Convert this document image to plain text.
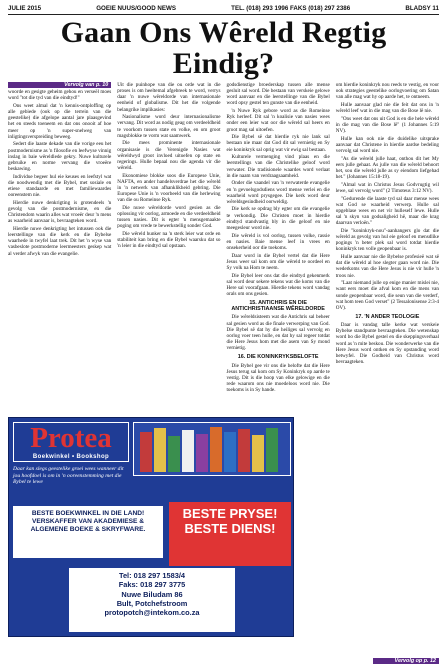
JULIE 2015	GOEIE NUUS/GOOD NEWS	TEL. (018) 293 1996 FAKS (018) 297 2386	BLADSY 11
Gaan Ons Wêreld Regtig Eindig?
Vervolg van p. 10

woorde en gesigte geheim gehou en verseël moes word "tot die tyd van die eindtyd!"

Ons weet almal dat 'n kennis-ontploffing op alle gebiede (ook op die terrein van die geestelike) die afgelope aantal jare plaasgevind het en steeds toeneem en dat ons onooit af hoe meer op 'n super-snelweg van inligtingsverspreiding beweeg.

Sedert die laaste dekade van die vorige eeu het postmodernisme as 'n filosofie en leefwyse vinnig inslag in baie wêreldlede gekry. Nuwe kulturele gebruike en norme vervang die vroeëre beskawing.

Individue begeer hul eie keuses en leefstyl wat die noodwendig met die Bybel, met sosiale en etiese standaarde en met familiewaardes ooreenstem nie.

Hierdie nuwe denkrigting is grotendeels 'n gevolg van die postmodernisme, en die Christendom waarin alles wat vroeër deur 'n mens as waarheid aanvaar is, bevraagteken word.

Hierdie nuwe denkrigting het intussen ook die leerstellinge van die kerk en die Bybelse waarhede in twyfel laat trek. Dit het 'n wyse van vasbeslote postmoderne leermeesters geskep wat al verder afwyk van die evangelie.

Uit die puinhope van die ou orde wat in die proses is om heeltemal afgebreek te word, verrys daar 'n nuwe wêreldorde van internasionale eenheid of globalisme. Dit het die volgende belangrike implikasies:

Nasionalisme word deur internasionalisme vervang. Dit word as nodig geag om verdeeldheid te voorkom tussen state en volke, en om groot magsblokke te vorm wat saamwerk.

Die mees prominente internasionale organisasie is die Verenigde Nasies wat wêreldwyd groot invloed uitoefen op state en regerings. Hulle bepaal nou die agenda vir die wêreld.

Ekonomiese blokke soos die Europese Unie, NAFTA, en ander handelsverdrae het die wêreld in 'n netwerk van afhanklikheid gebring. Die Europese Unie is 'n voorbeeld van die herlewing van die ou Romeinse Ryk.

Die nuwe wêreldorde word gesien as die oplossing vir oorlog, armoede en die verdeeldheid tussen nasies. Dit is egter 'n mensgemaakte poging om vrede te bewerkstellig sonder God.

Die wêreld hunker na 'n sterk leier wat orde en stabiliteit kan bring en die Bybel waarsku dat so 'n leier in die eindtyd sal opstaan.

godsdienstige broederskap tussen alle mense gesluit sal word. Die bestaan van verskeie gelowe word aanvaar en die leerstellinge van die Bybel word opsy gestel ten gunste van die eenheid.

'n Nuwe Ryk gebore word as die Romeinse Ryk herleef. Dit sal 'n koalisie van nasies wees onder een leier wat oor die wêreld sal heers en groot mag sal uitoefen.

Die Bybel sê dat hierdie ryk nie lank sal bestaan nie maar dat God dit sal vernietig en Sy eie koninkryk sal oprig wat vir ewig sal bestaan.

Kulturele vermenging vind plaas en die leerstellings van die Christelike geloof word verwater. Die tradisionele waardes word verlaat in die naam van verdraagsaamheid.

Onder die vaandel van 'n verwaterde evangelie en 'n gevoelsgodsdiens word mense verlei en die waarheid word prysgegee. Die kerk word deur wêreldsgesindheid oorweldig.

Die kerk se opdrag bly egter om die evangelie te verkondig. Die Christen moet in hierdie eindtyd standvastig bly in die geloof en nie meegesleur word nie.

Die wêreld is vol oorlog, tussen volke, rassie en nasies. Baie mense leef in vrees en onsekerheid oor die toekoms.

Daar word in die Bybel vertel dat die Here Jesus weer sal kom om die wêreld te oordeel en Sy volk na Hom te neem.

Die Bybel leer ons dat die eindtyd gekenmerk sal word deur sekere tekens wat die koms van die Here sal voorafgaan. Hierdie tekens word vandag orals om ons gesien.

15. ANTICHRIS EN DIE ANTICHRISTIAANSE WÊRELDORDE

Die wêreldsisteem wat die Antichris sal beheer sal gesien word as die finale verwerping van God. Die Bybel sê dat hy die heiliges sal vervolg en oorlog voer teen hulle, en dat hy sal regeer totdat die Here Jesus hom met die asem van Sy mond vernietig.

16. DIE KONINKRYKSBELOFTE

Die Bybel gee vir ons die belofte dat die Here Jesus terug sal kom om Sy Koninkryk op aarde te vestig. Dit is die hoop van elke gelowige en die rede waarom ons nie moedeloos word nie. Die toekoms is in Sy hande.

om hierdie koninkryk nou reeds te vestig, en voor ook strategies geestelike oorlogvoering om Satan van alle mag wat hy op aarde het, te ontneem.

Hulle aanvaar glad nie die feit dat ons in 'n wêreld leef wat in die mag van die Bose lê nie.

"Ons weet dat ons uit God is en die hele wêreld in die mag van die Bose lê" (1 Johannes 5:19 NV).

Hulle kan ook nie die duidelike uitsprake aanvaar dat Christene in hierdie aardse bedeling vervolg sal word nie.

"As die wêreld julle haat, onthou dit het My eers julle gehaat. As julle van die wêreld behoort het, sou die wêreld julle as sy eiendom liefgehad het." (Johannes 15:18-19).

"Almal wat in Christus Jesus Godvrugtig wil lewe, sal vervolg word" (2 Timoteus 3:12 NV).

"Gedurende die laaste tyd sal daar mense wees wat God se waarheid verwerp. Hulle sal opgeblase wees en net vir hulleself lewe. Hulle sal 'n skyn van godsaligheid hê, maar die krag daarvan verloën."

Die "koninkryk-nou"-aanhangers glo dat die wêreld as gevolg van hul eie geloof en mensdlike pogings 'n beter plek sal word totdat hierdie koninkryk ten volle geopenbaar is.

Hulle aanvaar nie die Bybelse profesieë wat sê dat die wêreld al hoe slegter gaan word nie. Die wederkoms van die Here Jesus is nie vir hulle 'n troos nie.

"Laat niemand julle op enige manier mislei nie, want eers moet die afval kom en die mens van sonde geopenbaar word, die seun van die verderf, wat hom teen God verset" (2 Tessalonisense 2:3-4 OV).

17. 'N ANDER TEOLOGIE

Daar is vandag talle kerke wat verskeie Bybelse standpunte bevraagteken. Die wetenskap word bo die Bybel gestel en die skeppingsverhaal word as 'n mite beskou. Die wonderwerke van die Here Jesus word ontken en Sy opstanding word betwyfel. Die Godheid van Christus word bevraagteken.

Vervolg op p. 12
Protea
Boekwinkel • Bookshop
Daar kan slegs geestelike groei wees wanneer dit jou hoofdoel is om in 'n ooreenstemming met die Bybel te lewe
BESTE BOEKWINKEL IN DIE LAND!
VERSKAFFER VAN AKADEMIESE &
ALGEMENE BOEKE & SKRYFWARE.
BESTE PRYSE!
BESTE DIENS!
Tel: 018 297 1583/4
Faks: 018 297 3775
Nuwe Biludam 86
Bult, Potchefstroom
protopotch@intekom.co.za
